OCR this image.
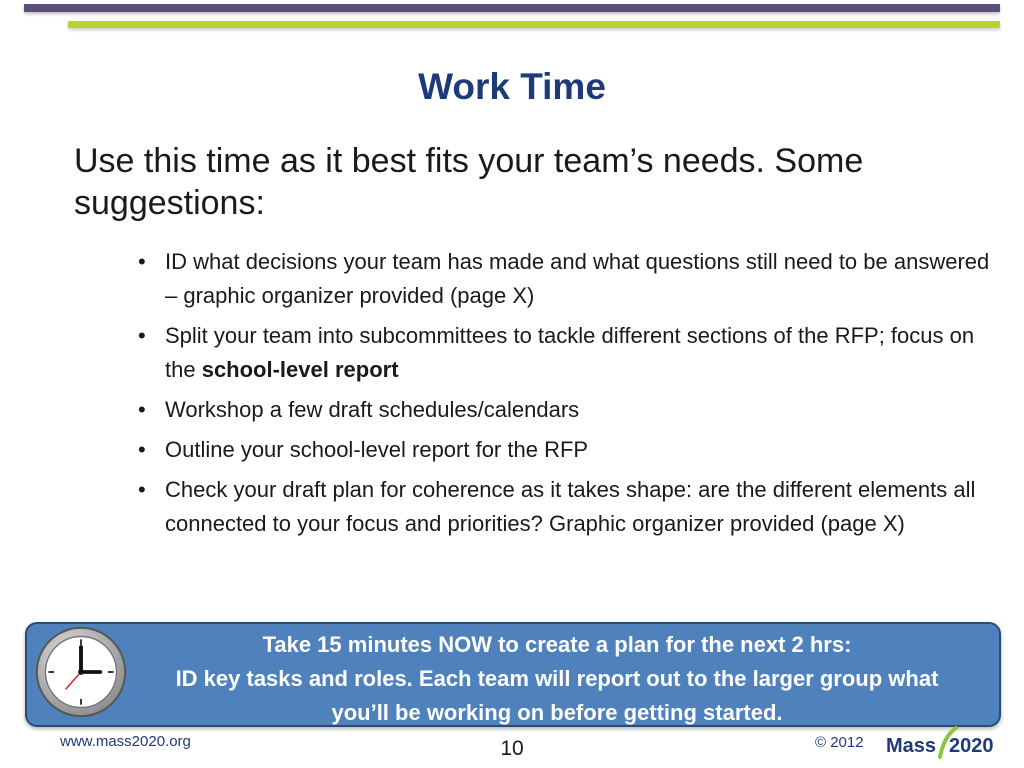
Work Time
Use this time as it best fits your team’s needs. Some suggestions:
• ID what decisions your team has made and what questions still need to be answered – graphic organizer provided (page X)
• Split your team into subcommittees to tackle different sections of the RFP; focus on the school-level report
• Workshop a few draft schedules/calendars
• Outline your school-level report for the RFP
• Check your draft plan for coherence as it takes shape: are the different elements all connected to your focus and priorities? Graphic organizer provided (page X)
Take 15 minutes NOW to create a plan for the next 2 hrs:
ID key tasks and roles. Each team will report out to the larger group what you’ll be working on before getting started.
www.mass2020.org	10	© 2012 Mass 2020
